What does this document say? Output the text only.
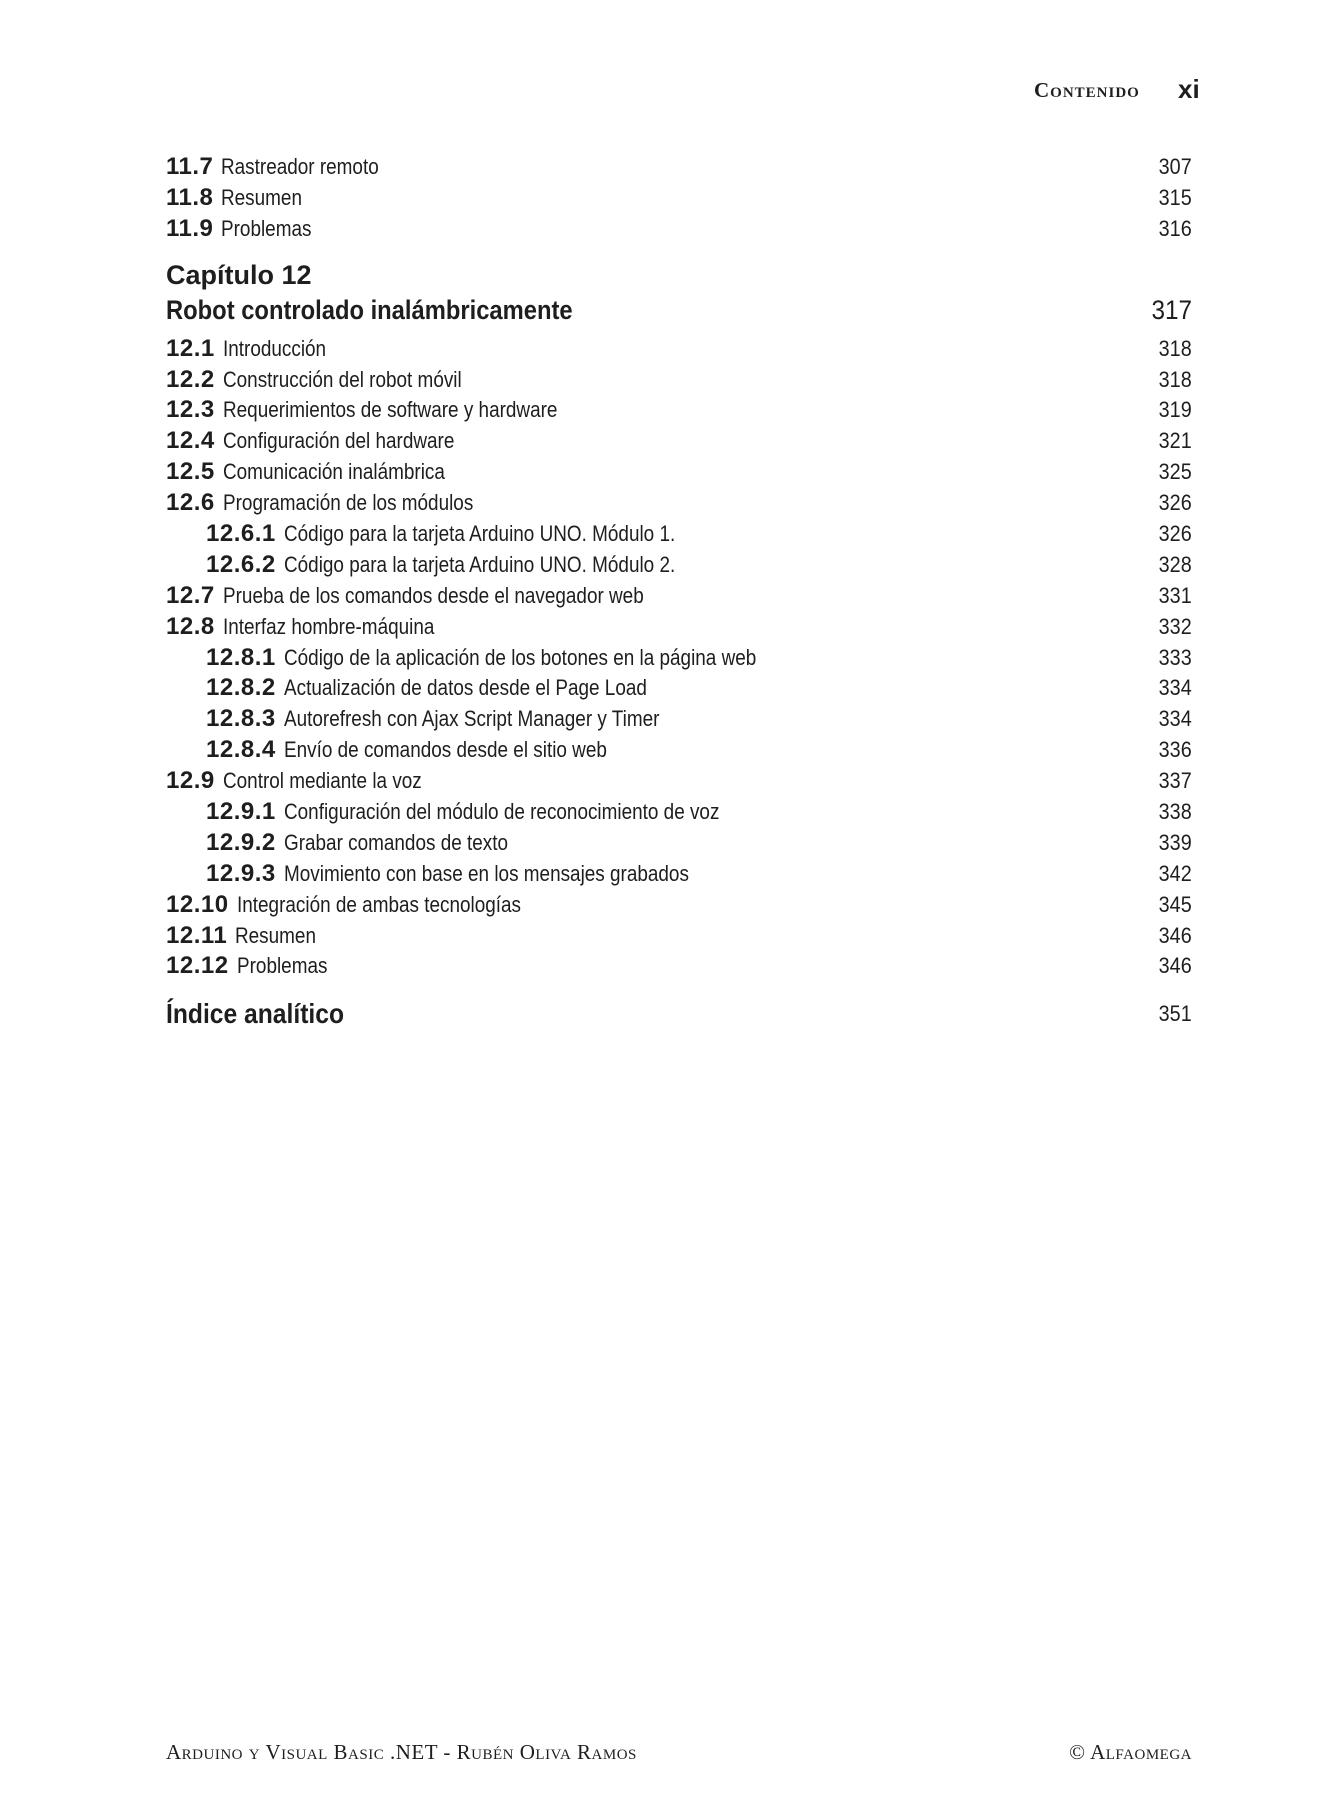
Contenido xi
11.7 Rastreador remoto	307
11.8 Resumen	315
11.9 Problemas	316
Capítulo 12
Robot controlado inalámbricamente	317
12.1 Introducción	318
12.2 Construcción del robot móvil	318
12.3 Requerimientos de software y hardware	319
12.4 Configuración del hardware	321
12.5 Comunicación inalámbrica	325
12.6 Programación de los módulos	326
12.6.1 Código para la tarjeta Arduino UNO. Módulo 1.	326
12.6.2 Código para la tarjeta Arduino UNO. Módulo 2.	328
12.7 Prueba de los comandos desde el navegador web	331
12.8 Interfaz hombre-máquina	332
12.8.1 Código de la aplicación de los botones en la página web	333
12.8.2 Actualización de datos desde el Page Load	334
12.8.3 Autorefresh con Ajax Script Manager y Timer	334
12.8.4 Envío de comandos desde el sitio web	336
12.9 Control mediante la voz	337
12.9.1 Configuración del módulo de reconocimiento de voz	338
12.9.2 Grabar comandos de texto	339
12.9.3 Movimiento con base en los mensajes grabados	342
12.10 Integración de ambas tecnologías	345
12.11 Resumen	346
12.12 Problemas	346
Índice analítico	351
Arduino y Visual Basic .NET - Rubén Oliva Ramos	© Alfaomega
